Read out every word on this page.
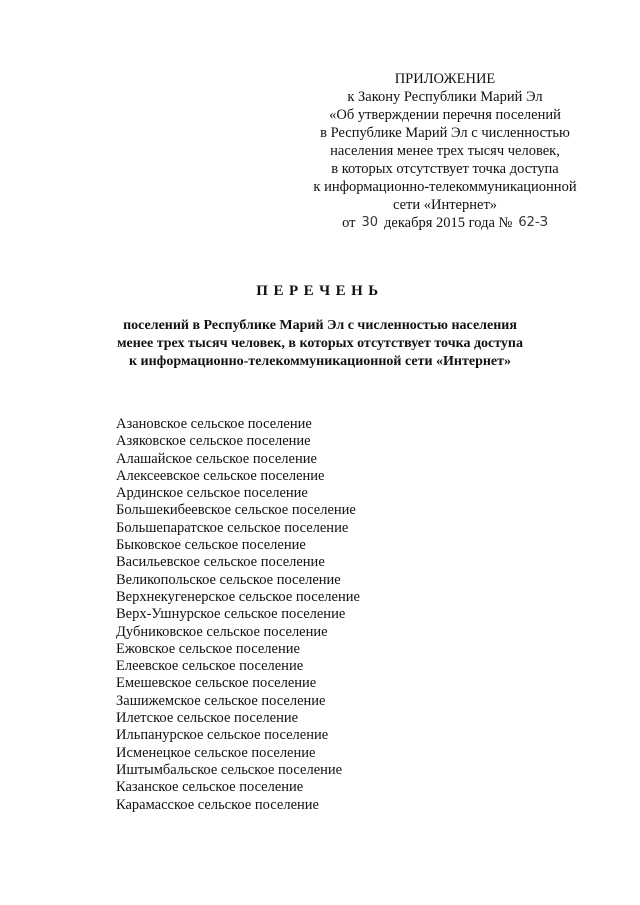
ПРИЛОЖЕНИЕ
к Закону Республики Марий Эл
«Об утверждении перечня поселений
в Республике Марий Эл с численностью
населения менее трех тысяч человек,
в которых отсутствует точка доступа
к информационно-телекоммуникационной
сети «Интернет»
от 30 декабря 2015 года № 62-З
ПЕРЕЧЕНЬ
поселений в Республике Марий Эл с численностью населения
менее трех тысяч человек, в которых отсутствует точка доступа
к информационно-телекоммуникационной сети «Интернет»
Азановское сельское поселение
Азяковское сельское поселение
Алашайское сельское поселение
Алексеевское сельское поселение
Ардинское сельское поселение
Большекибеевское сельское поселение
Большепаратское сельское поселение
Быковское сельское поселение
Васильевское сельское поселение
Великопольское сельское поселение
Верхнекугенерское сельское поселение
Верх-Ушнурское сельское поселение
Дубниковское сельское поселение
Ежовское сельское поселение
Елеевское сельское поселение
Емешевское сельское поселение
Зашижемское сельское поселение
Илетское сельское поселение
Ильпанурское сельское поселение
Исменецкое сельское поселение
Иштымбальское сельское поселение
Казанское сельское поселение
Карамасское сельское поселение
